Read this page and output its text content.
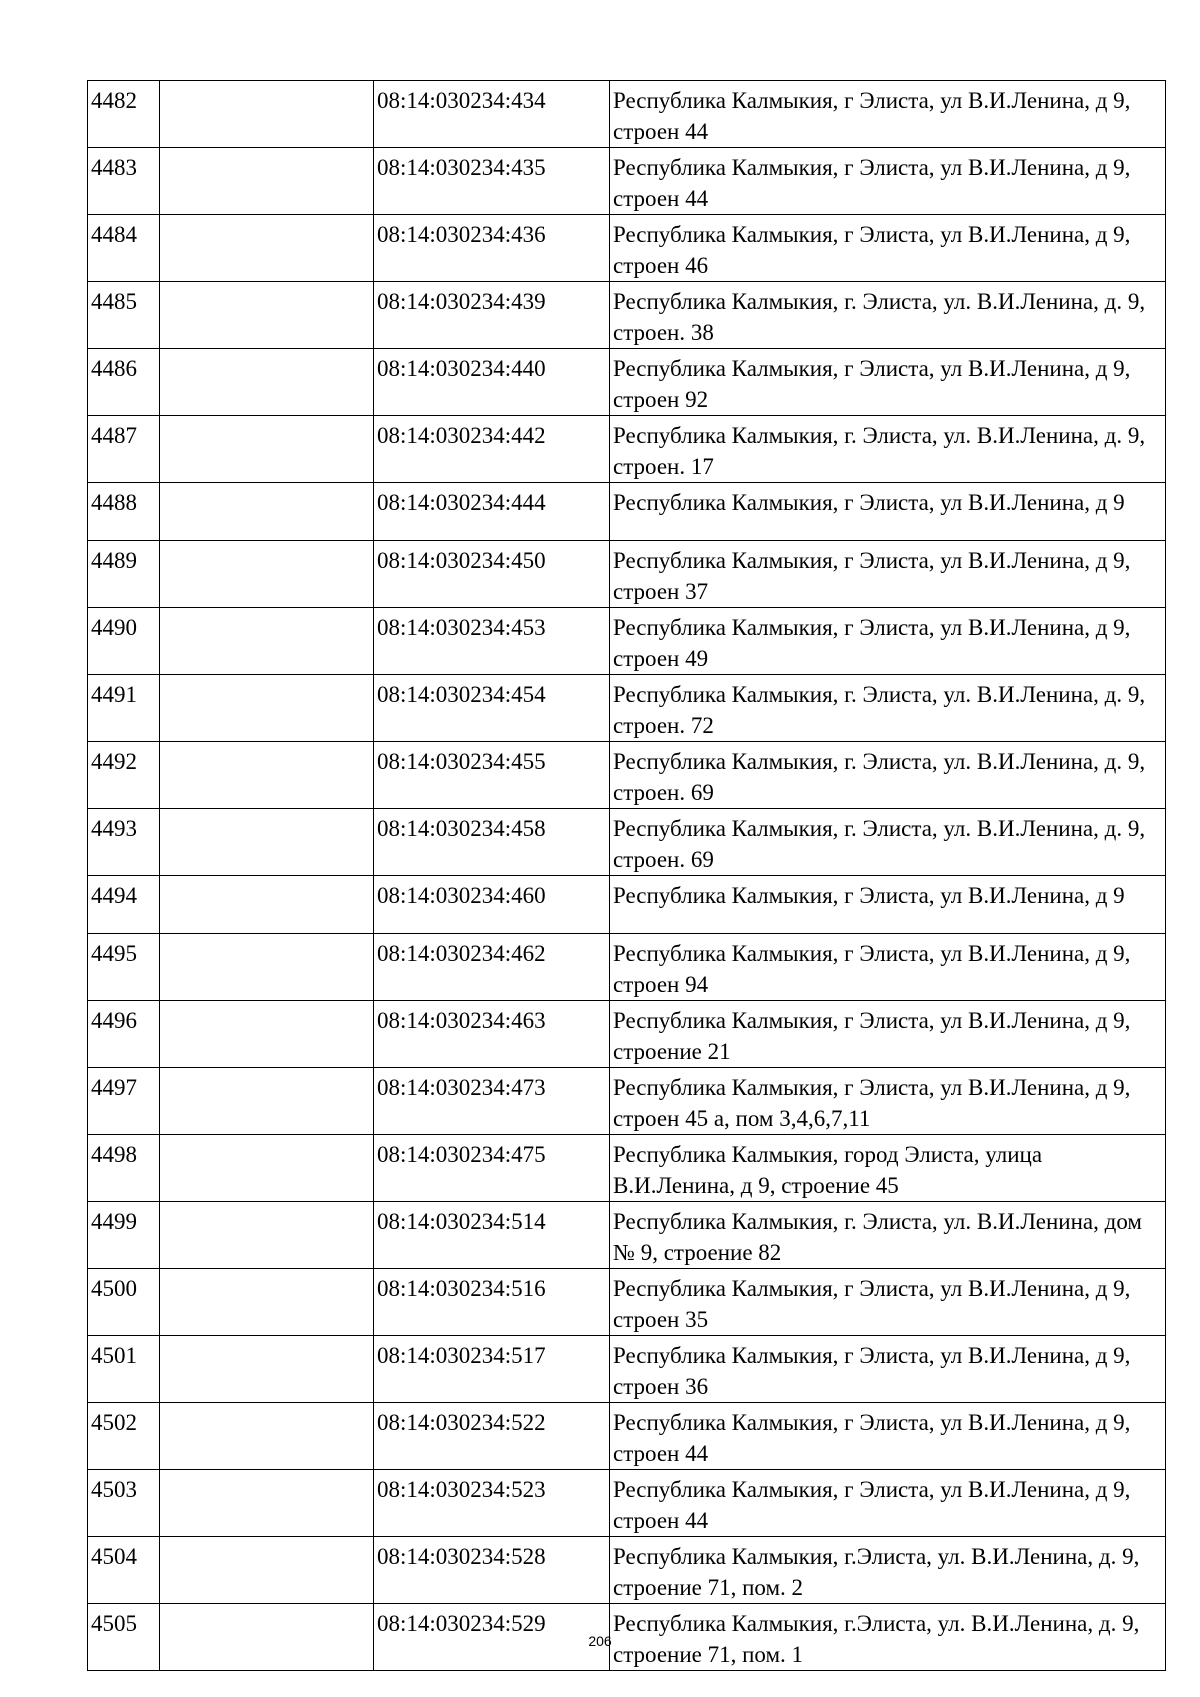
4482		08:14:030234:434	Республика Калмыкия, г Элиста, ул В.И.Ленина, д 9, строен 44
4483		08:14:030234:435	Республика Калмыкия, г Элиста, ул В.И.Ленина, д 9, строен 44
4484		08:14:030234:436	Республика Калмыкия, г Элиста, ул В.И.Ленина, д 9, строен 46
4485		08:14:030234:439	Республика Калмыкия, г. Элиста, ул. В.И.Ленина, д. 9, строен. 38
4486		08:14:030234:440	Республика Калмыкия, г Элиста, ул В.И.Ленина, д 9, строен 92
4487		08:14:030234:442	Республика Калмыкия, г. Элиста, ул. В.И.Ленина, д. 9, строен. 17
4488		08:14:030234:444	Республика Калмыкия, г Элиста, ул В.И.Ленина, д 9
4489		08:14:030234:450	Республика Калмыкия, г Элиста, ул В.И.Ленина, д 9, строен 37
4490		08:14:030234:453	Республика Калмыкия, г Элиста, ул В.И.Ленина, д 9, строен 49
4491		08:14:030234:454	Республика Калмыкия, г. Элиста, ул. В.И.Ленина, д. 9, строен. 72
4492		08:14:030234:455	Республика Калмыкия, г. Элиста, ул. В.И.Ленина, д. 9, строен. 69
4493		08:14:030234:458	Республика Калмыкия, г. Элиста, ул. В.И.Ленина, д. 9, строен. 69
4494		08:14:030234:460	Республика Калмыкия, г Элиста, ул В.И.Ленина, д 9
4495		08:14:030234:462	Республика Калмыкия, г Элиста, ул В.И.Ленина, д 9, строен 94
4496		08:14:030234:463	Республика Калмыкия, г Элиста, ул В.И.Ленина, д 9, строение 21
4497		08:14:030234:473	Республика Калмыкия, г Элиста, ул В.И.Ленина, д 9, строен 45 а, пом 3,4,6,7,11
4498		08:14:030234:475	Республика Калмыкия, город Элиста, улица В.И.Ленина, д 9, строение 45
4499		08:14:030234:514	Республика Калмыкия, г. Элиста, ул. В.И.Ленина, дом № 9, строение 82
4500		08:14:030234:516	Республика Калмыкия, г Элиста, ул В.И.Ленина, д 9, строен 35
4501		08:14:030234:517	Республика Калмыкия, г Элиста, ул В.И.Ленина, д 9, строен 36
4502		08:14:030234:522	Республика Калмыкия, г Элиста, ул В.И.Ленина, д 9, строен 44
4503		08:14:030234:523	Республика Калмыкия, г Элиста, ул В.И.Ленина, д 9, строен 44
4504		08:14:030234:528	Республика Калмыкия, г.Элиста, ул. В.И.Ленина, д. 9, строение 71, пом. 2
4505		08:14:030234:529	Республика Калмыкия, г.Элиста, ул. В.И.Ленина, д. 9, строение 71, пом. 1
206
